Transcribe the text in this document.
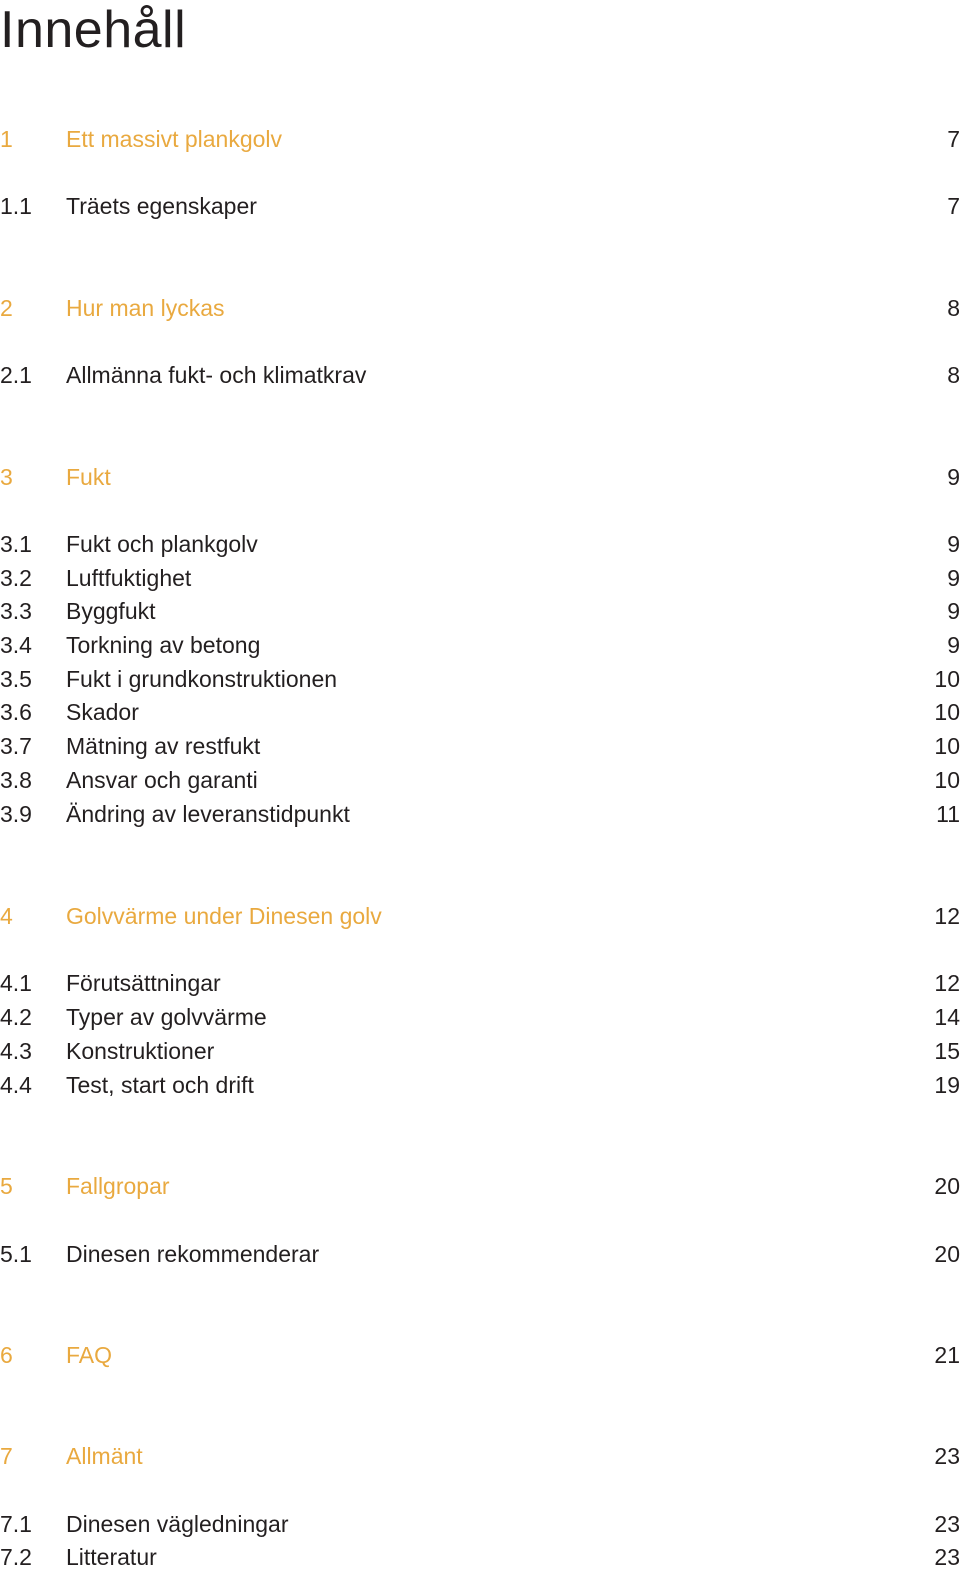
Innehåll
1 Ett massivt plankgolv	7
1.1 Träets egenskaper	7
2 Hur man lyckas	8
2.1 Allmänna fukt- och klimatkrav	8
3 Fukt	9
3.1 Fukt och plankgolv	9
3.2 Luftfuktighet	9
3.3 Byggfukt	9
3.4 Torkning av betong	9
3.5 Fukt i grundkonstruktionen	10
3.6 Skador	10
3.7 Mätning av restfukt	10
3.8 Ansvar och garanti	10
3.9 Ändring av leveranstidpunkt	11
4 Golvvärme under Dinesen golv	12
4.1 Förutsättningar	12
4.2 Typer av golvvärme	14
4.3 Konstruktioner	15
4.4 Test, start och drift	19
5 Fallgropar	20
5.1 Dinesen rekommenderar	20
6 FAQ	21
7 Allmänt	23
7.1 Dinesen vägledningar	23
7.2 Litteratur	23
